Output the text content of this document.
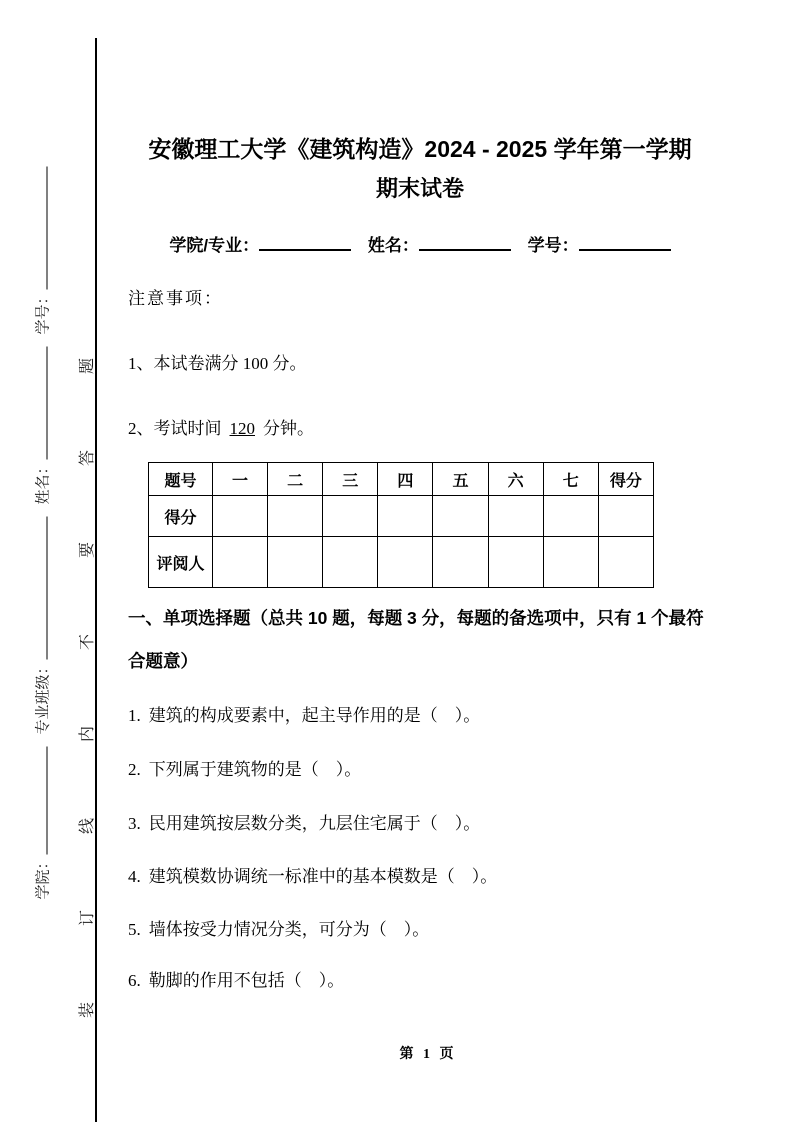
学院：专业班级：姓名：学号：	装订线内不要答题
安徽理工大学《建筑构造》2024 - 2025 学年第一学期
期末试卷
学院/专业：	姓名：	学号：
注意事项：
1、本试卷满分 100 分。
2、考试时间 120 分钟。
题号	一	二	三	四	五	六	七	得分
得分								
评阅人								
一、单项选择题（总共 10 题，每题 3 分，每题的备选项中，只有 1 个最符合题意）
1. 建筑的构成要素中，起主导作用的是（　）。
2. 下列属于建筑物的是（　）。
3. 民用建筑按层数分类，九层住宅属于（　）。
4. 建筑模数协调统一标准中的基本模数是（　）。
5. 墙体按受力情况分类，可分为（　）。
6. 勒脚的作用不包括（　）。
第 1 页
